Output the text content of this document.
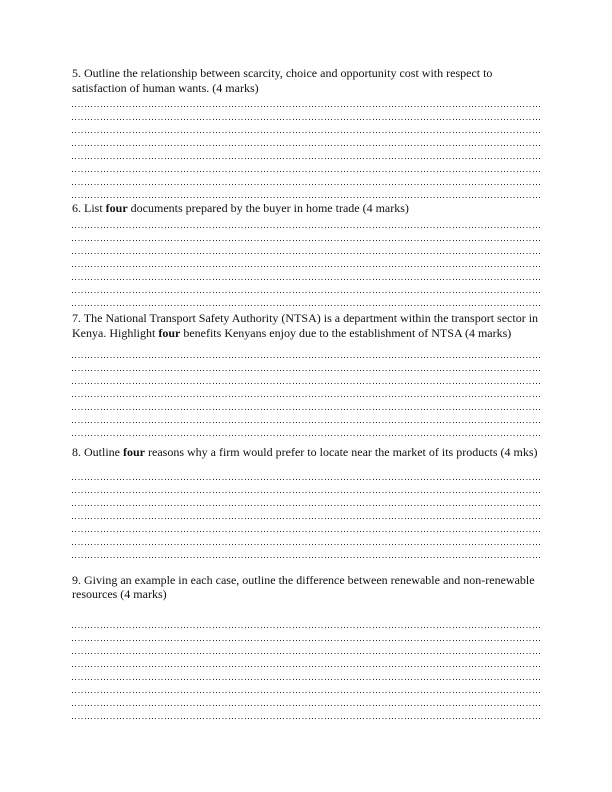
5. Outline the relationship between scarcity, choice and opportunity cost with respect to satisfaction of human wants. (4 marks)

6. List four documents prepared by the buyer in home trade (4 marks)

7. The National Transport Safety Authority (NTSA) is a department within the transport sector in Kenya. Highlight four benefits Kenyans enjoy due to the establishment of NTSA (4 marks)

8. Outline four reasons why a firm would prefer to locate near the market of its products (4 mks)

9. Giving an example in each case, outline the difference between renewable and non-renewable resources (4 marks)
